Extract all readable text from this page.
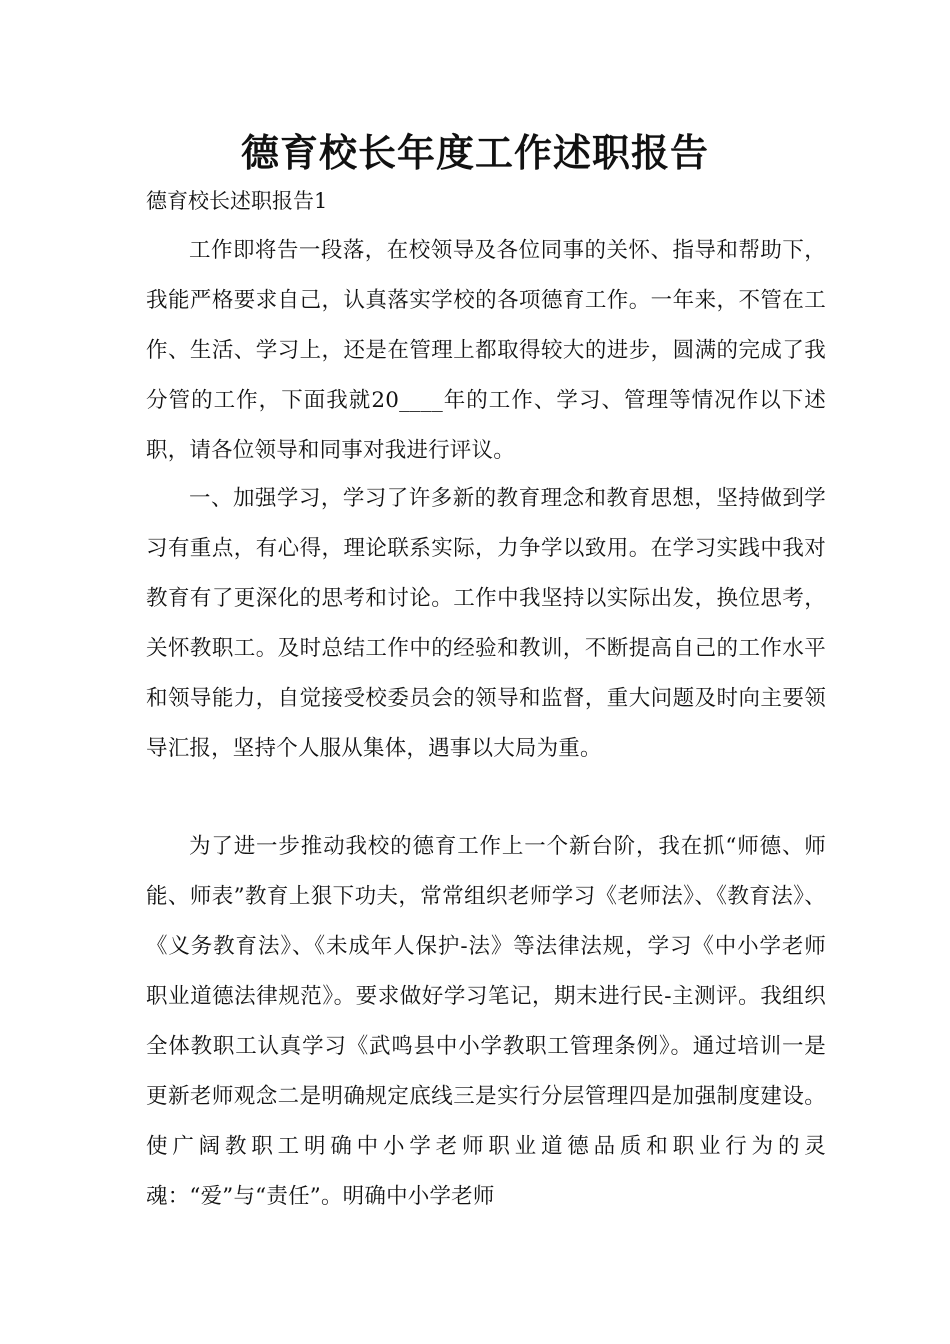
德育校长年度工作述职报告

德育校长述职报告1

工作即将告一段落，在校领导及各位同事的关怀、指导和帮助下，我能严格要求自己，认真落实学校的各项德育工作。一年来，不管在工作、生活、学习上，还是在管理上都取得较大的进步，圆满的完成了我分管的工作，下面我就20____年的工作、学习、管理等情况作以下述职，请各位领导和同事对我进行评议。

一、加强学习，学习了许多新的教育理念和教育思想，坚持做到学习有重点，有心得，理论联系实际，力争学以致用。在学习实践中我对教育有了更深化的思考和讨论。工作中我坚持以实际出发，换位思考，关怀教职工。及时总结工作中的经验和教训，不断提高自己的工作水平和领导能力，自觉接受校委员会的领导和监督，重大问题及时向主要领导汇报，坚持个人服从集体，遇事以大局为重。

为了进一步推动我校的德育工作上一个新台阶，我在抓“师德、师能、师表”教育上狠下功夫，常常组织老师学习《老师法》、《教育法》、《义务教育法》、《未成年人保护-法》等法律法规，学习《中小学老师职业道德法律规范》。要求做好学习笔记，期末进行民-主测评。我组织全体教职工认真学习《武鸣县中小学教职工管理条例》。通过培训一是更新老师观念二是明确规定底线三是实行分层管理四是加强制度建设。使广阔教职工明确中小学老师职业道德品质和职业行为的灵魂：“爱”与“责任”。明确中小学老师
